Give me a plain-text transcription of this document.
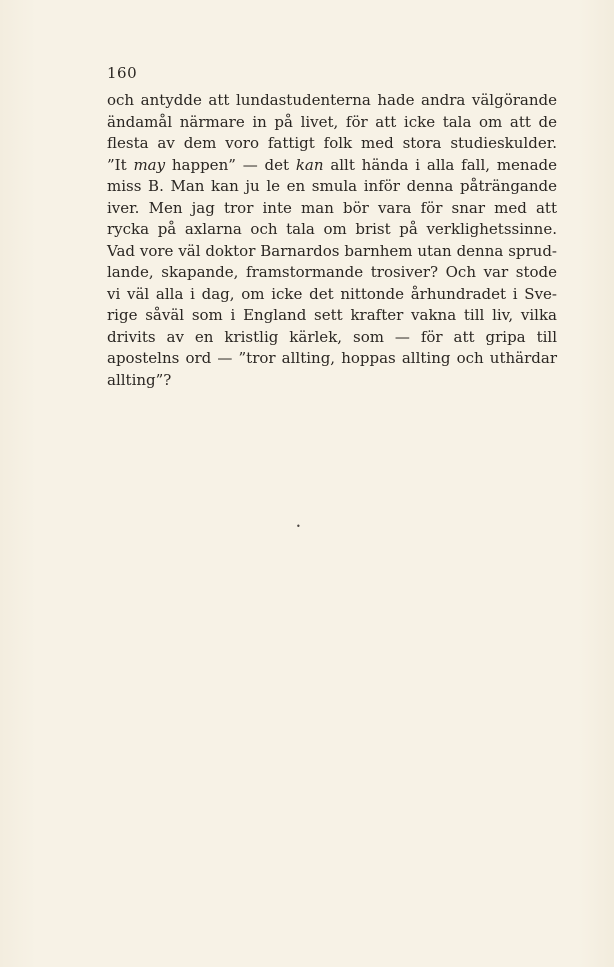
160
och antydde att lundastudenterna hade andra välgörande
ändamål närmare in på livet, för att icke tala om att de
flesta av dem voro fattigt folk med stora studieskulder.
”It may happen” — det kan allt hända i alla fall, menade
miss B. Man kan ju le en smula inför denna påträngande
iver. Men jag tror inte man bör vara för snar med att
rycka på axlarna och tala om brist på verklighetssinne.
Vad vore väl doktor Barnardos barnhem utan denna sprud-
lande, skapande, framstormande trosiver? Och var stode
vi väl alla i dag, om icke det nittonde århundradet i Sve-
rige såväl som i England sett krafter vakna till liv, vilka
drivits av en kristlig kärlek, som — för att gripa till
apostelns ord — ”tror allting, hoppas allting och uthärdar
allting”?
•
